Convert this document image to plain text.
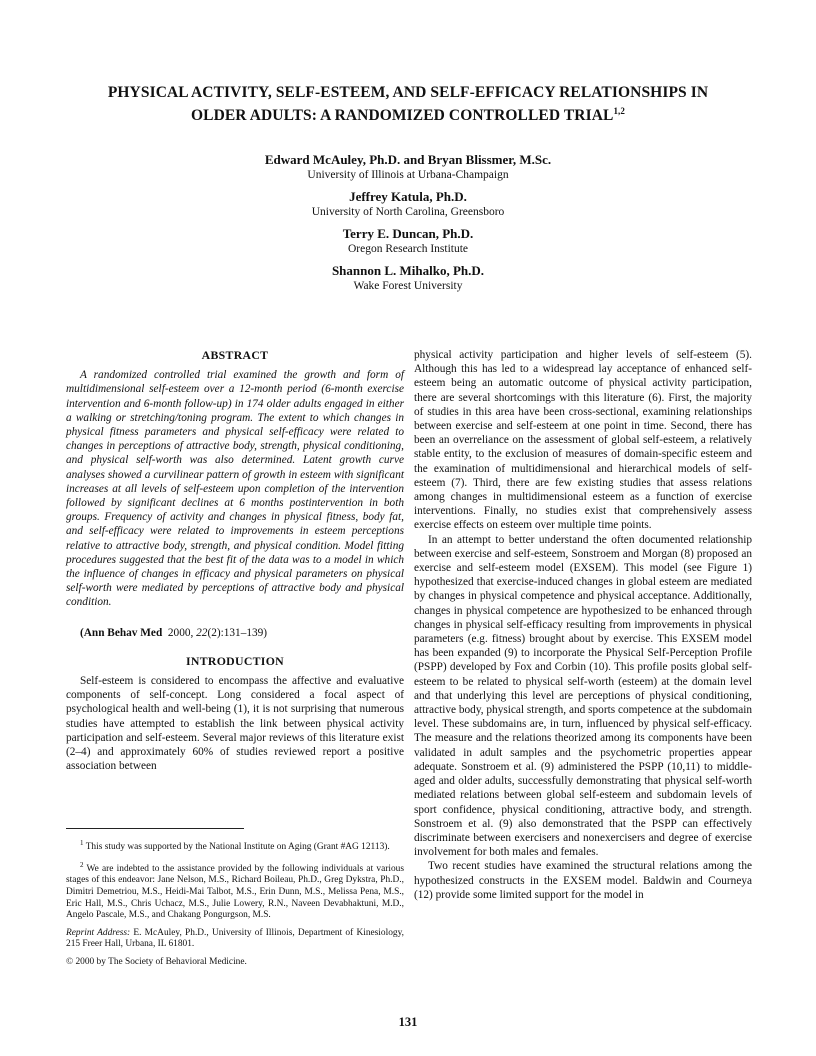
PHYSICAL ACTIVITY, SELF-ESTEEM, AND SELF-EFFICACY RELATIONSHIPS IN
OLDER ADULTS: A RANDOMIZED CONTROLLED TRIAL$^{1,2}$
Edward McAuley, Ph.D. and Bryan Blissmer, M.Sc.
University of Illinois at Urbana-Champaign
Jeffrey Katula, Ph.D.
University of North Carolina, Greensboro
Terry E. Duncan, Ph.D.
Oregon Research Institute
Shannon L. Mihalko, Ph.D.
Wake Forest University
ABSTRACT

A randomized controlled trial examined the growth and form of multidimensional self-esteem over a 12-month period (6-month exercise intervention and 6-month follow-up) in 174 older adults engaged in either a walking or stretching/toning program. The extent to which changes in physical fitness parameters and physical self-efficacy were related to changes in perceptions of attractive body, strength, physical conditioning, and physical self-worth was also determined. Latent growth curve analyses showed a curvilinear pattern of growth in esteem with significant increases at all levels of self-esteem upon completion of the intervention followed by significant declines at 6 months postintervention in both groups. Frequency of activity and changes in physical fitness, body fat, and self-efficacy were related to improvements in esteem perceptions relative to attractive body, strength, and physical condition. Model fitting procedures suggested that the best fit of the data was to a model in which the influence of changes in efficacy and physical parameters on physical self-worth were mediated by perceptions of attractive body and physical condition.

(Ann Behav Med 2000, 22(2):131–139)
INTRODUCTION

Self-esteem is considered to encompass the affective and evaluative components of self-concept. Long considered a focal aspect of psychological health and well-being (1), it is not surprising that numerous studies have attempted to establish the link between physical activity participation and self-esteem. Several major reviews of this literature exist (2–4) and approximately 60% of studies reviewed report a positive association between

$^1$ This study was supported by the National Institute on Aging (Grant #AG 12113).

$^2$ We are indebted to the assistance provided by the following individuals at various stages of this endeavor: Jane Nelson, M.S., Richard Boileau, Ph.D., Greg Dykstra, Ph.D., Dimitri Demetriou, M.S., Heidi-Mai Talbot, M.S., Erin Dunn, M.S., Melissa Pena, M.S., Eric Hall, M.S., Chris Uchacz, M.S., Julie Lowery, R.N., Naveen Devabhaktuni, M.D., Angelo Pascale, M.S., and Chakang Pongurgson, M.S.

Reprint Address: E. McAuley, Ph.D., University of Illinois, Department of Kinesiology, 215 Freer Hall, Urbana, IL 61801.

© 2000 by The Society of Behavioral Medicine.

physical activity participation and higher levels of self-esteem (5). Although this has led to a widespread lay acceptance of enhanced self-esteem being an automatic outcome of physical activity participation, there are several shortcomings with this literature (6). First, the majority of studies in this area have been cross-sectional, examining relationships between exercise and self-esteem at one point in time. Second, there has been an overreliance on the assessment of global self-esteem, a relatively stable entity, to the exclusion of measures of domain-specific esteem and the examination of multidimensional and hierarchical models of self-esteem (7). Third, there are few existing studies that assess relations among changes in multidimensional esteem as a function of exercise interventions. Finally, no studies exist that comprehensively assess exercise effects on esteem over multiple time points.

In an attempt to better understand the often documented relationship between exercise and self-esteem, Sonstroem and Morgan (8) proposed an exercise and self-esteem model (EXSEM). This model (see Figure 1) hypothesized that exercise-induced changes in global esteem are mediated by changes in physical competence and physical acceptance. Additionally, changes in physical competence are hypothesized to be enhanced through changes in physical self-efficacy resulting from improvements in physical parameters (e.g. fitness) brought about by exercise. This EXSEM model has been expanded (9) to incorporate the Physical Self-Perception Profile (PSPP) developed by Fox and Corbin (10). This profile posits global self-esteem to be related to physical self-worth (esteem) at the domain level and that underlying this level are perceptions of physical conditioning, attractive body, physical strength, and sports competence at the subdomain level. These subdomains are, in turn, influenced by physical self-efficacy. The measure and the relations theorized among its components have been validated in adult samples and the psychometric properties appear adequate. Sonstroem et al. (9) administered the PSPP (10,11) to middle-aged and older adults, successfully demonstrating that physical self-worth mediated relations between global self-esteem and subdomain levels of sport confidence, physical conditioning, attractive body, and strength. Sonstroem et al. (9) also demonstrated that the PSPP can effectively discriminate between exercisers and nonexercisers and degree of exercise involvement for both males and females.

Two recent studies have examined the structural relations among the hypothesized constructs in the EXSEM model. Baldwin and Courneya (12) provide some limited support for the model in

131
